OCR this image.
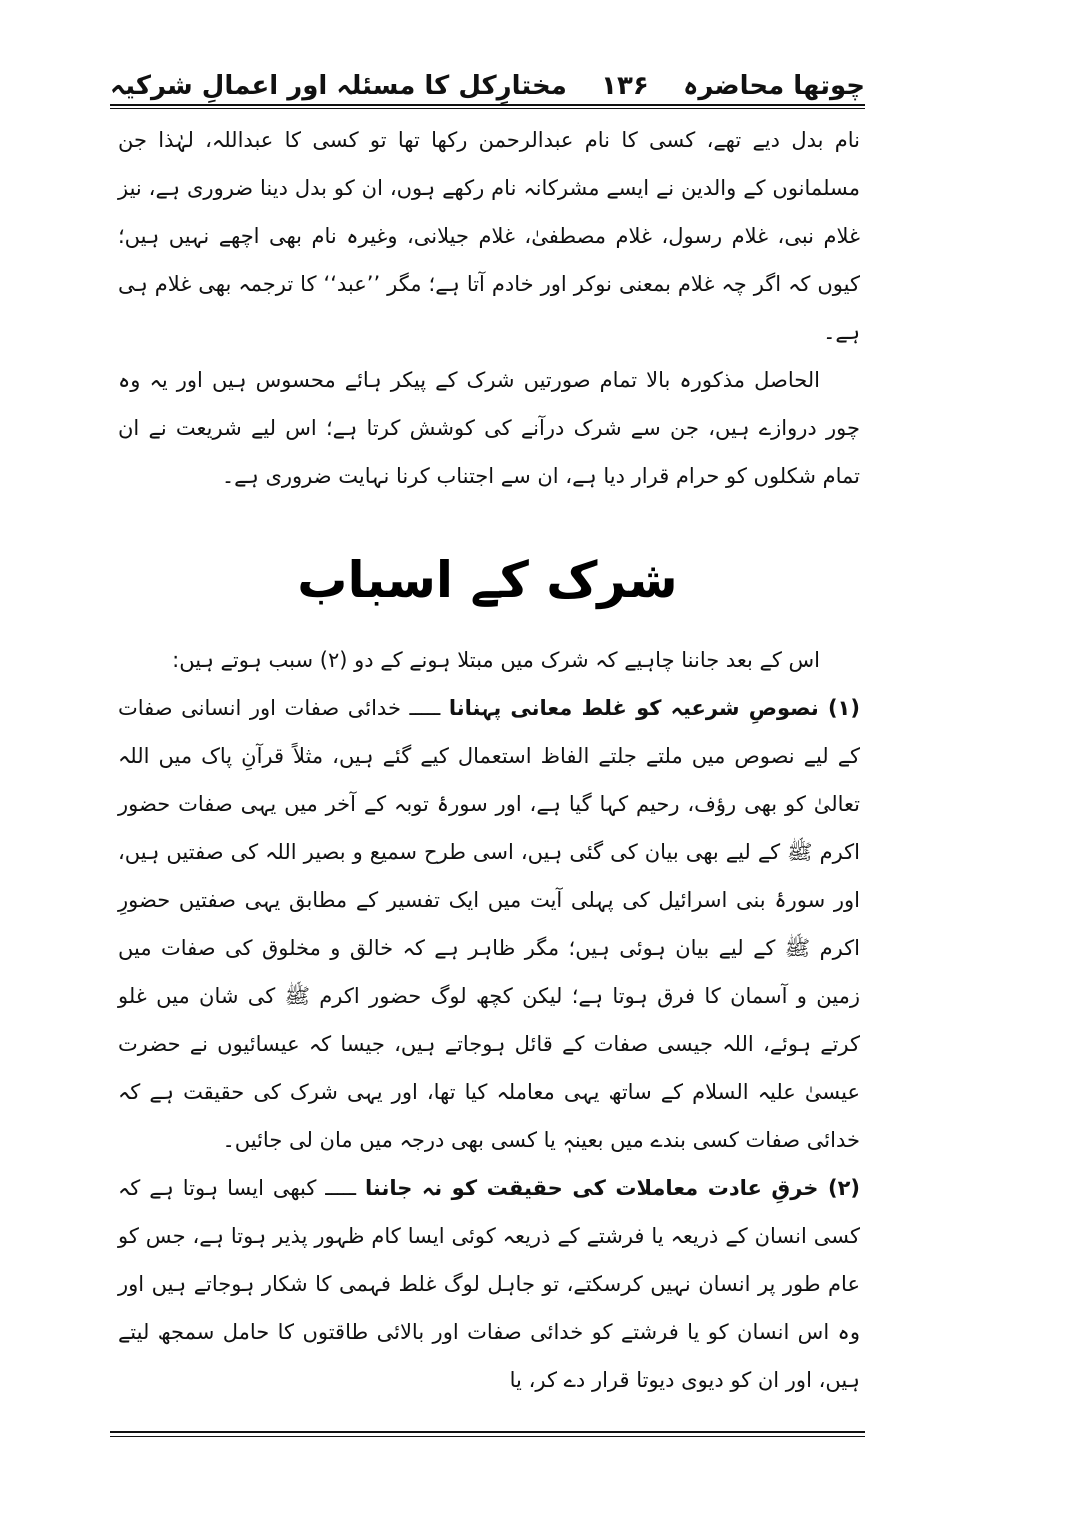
چوتھا محاضرہ
۱۳۶
مختارِکل کا مسئلہ اور اعمالِ شرکیہ

نام بدل دیے تھے، کسی کا نام عبدالرحمن رکھا تھا تو کسی کا عبداللہ، لہٰذا جن مسلمانوں کے والدین نے ایسے مشرکانہ نام رکھے ہوں، ان کو بدل دینا ضروری ہے، نیز غلام نبی، غلام رسول، غلام مصطفیٰ، غلام جیلانی، وغیرہ نام بھی اچھے نہیں ہیں؛ کیوں کہ اگر چہ غلام بمعنی نوکر اور خادم آتا ہے؛ مگر ’’عبد‘‘ کا ترجمہ بھی غلام ہی ہے۔

الحاصل مذکورہ بالا تمام صورتیں شرک کے پیکر ہائے محسوس ہیں اور یہ وہ چور دروازے ہیں، جن سے شرک درآنے کی کوشش کرتا ہے؛ اس لیے شریعت نے ان تمام شکلوں کو حرام قرار دیا ہے، ان سے اجتناب کرنا نہایت ضروری ہے۔

شرک کے اسباب

اس کے بعد جاننا چاہیے کہ شرک میں مبتلا ہونے کے دو (۲) سبب ہوتے ہیں:

(۱) نصوصِ شرعیہ کو غلط معانی پہنانا ـــــ خدائی صفات اور انسانی صفات کے لیے نصوص میں ملتے جلتے الفاظ استعمال کیے گئے ہیں، مثلاً قرآنِ پاک میں اللہ تعالیٰ کو بھی رؤف، رحیم کہا گیا ہے، اور سورۂ توبہ کے آخر میں یہی صفات حضور اکرم ﷺ کے لیے بھی بیان کی گئی ہیں، اسی طرح سمیع و بصیر اللہ کی صفتیں ہیں، اور سورۂ بنی اسرائیل کی پہلی آیت میں ایک تفسیر کے مطابق یہی صفتیں حضورِ اکرم ﷺ کے لیے بیان ہوئی ہیں؛ مگر ظاہر ہے کہ خالق و مخلوق کی صفات میں زمین و آسمان کا فرق ہوتا ہے؛ لیکن کچھ لوگ حضور اکرم ﷺ کی شان میں غلو کرتے ہوئے، اللہ جیسی صفات کے قائل ہوجاتے ہیں، جیسا کہ عیسائیوں نے حضرت عیسیٰ علیہ السلام کے ساتھ یہی معاملہ کیا تھا، اور یہی شرک کی حقیقت ہے کہ خدائی صفات کسی بندے میں بعینہٖ یا کسی بھی درجہ میں مان لی جائیں۔

(۲) خرقِ عادت معاملات کی حقیقت کو نہ جاننا ـــــ کبھی ایسا ہوتا ہے کہ کسی انسان کے ذریعہ یا فرشتے کے ذریعہ کوئی ایسا کام ظہور پذیر ہوتا ہے، جس کو عام طور پر انسان نہیں کرسکتے، تو جاہل لوگ غلط فہمی کا شکار ہوجاتے ہیں اور وہ اس انسان کو یا فرشتے کو خدائی صفات اور بالائی طاقتوں کا حامل سمجھ لیتے ہیں، اور ان کو دیوی دیوتا قرار دے کر، یا
